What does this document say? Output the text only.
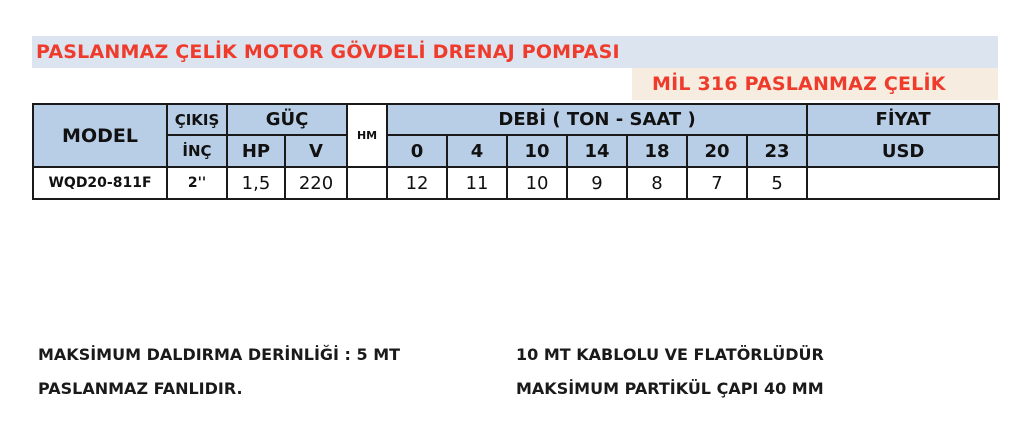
PASLANMAZ ÇELİK MOTOR GÖVDELİ DRENAJ POMPASI
MİL 316 PASLANMAZ ÇELİK
MODEL	ÇIKIŞ	GÜÇ		HM	DEBİ ( TON - SAAT )							FİYAT
	İNÇ	HP	V		0	4	10	14	18	20	23	USD
WQD20-811F	2''	1,5	220		12	11	10	9	8	7	5	
MAKSİMUM DALDIRMA DERİNLİĞİ : 5 MT
PASLANMAZ FANLIDIR.
10 MT KABLOLU VE FLATÖRLÜDÜR
MAKSİMUM PARTİKÜL ÇAPI 40 MM
